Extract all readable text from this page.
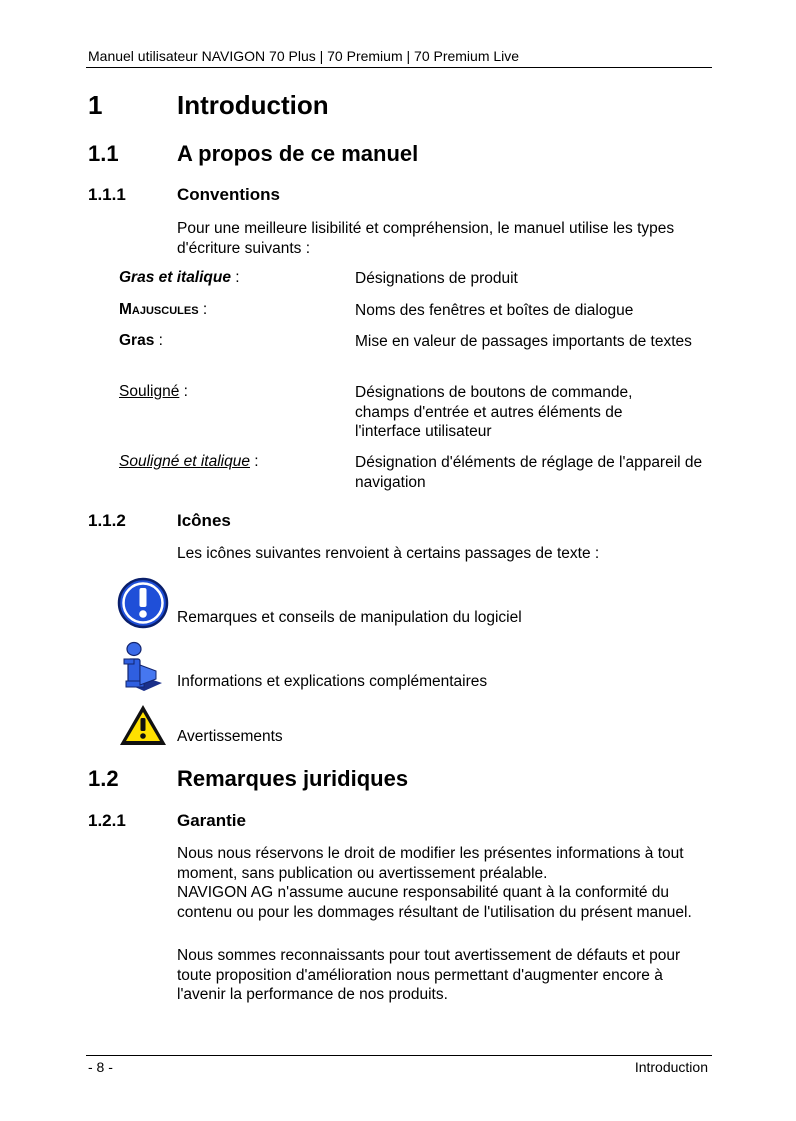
Manuel utilisateur NAVIGON 70 Plus | 70 Premium | 70 Premium Live
1	Introduction
1.1	A propos de ce manuel
1.1.1	Conventions
Pour une meilleure lisibilité et compréhension, le manuel utilise les types d'écriture suivants :
Gras et italique :	Désignations de produit
Majuscules :	Noms des fenêtres et boîtes de dialogue
Gras :	Mise en valeur de passages importants de textes
Souligné :	Désignations de boutons de commande, champs d'entrée et autres éléments de l'interface utilisateur
Souligné et italique :	Désignation d'éléments de réglage de l'appareil de navigation
1.1.2	Icônes
Les icônes suivantes renvoient à certains passages de texte :
Remarques et conseils de manipulation du logiciel
Informations et explications complémentaires
Avertissements
1.2	Remarques juridiques
1.2.1	Garantie
Nous nous réservons le droit de modifier les présentes informations à tout moment, sans publication ou avertissement préalable.
NAVIGON AG n'assume aucune responsabilité quant à la conformité du contenu ou pour les dommages résultant de l'utilisation du présent manuel.
Nous sommes reconnaissants pour tout avertissement de défauts et pour toute proposition d'amélioration nous permettant d'augmenter encore à l'avenir la performance de nos produits.
- 8 -	Introduction
